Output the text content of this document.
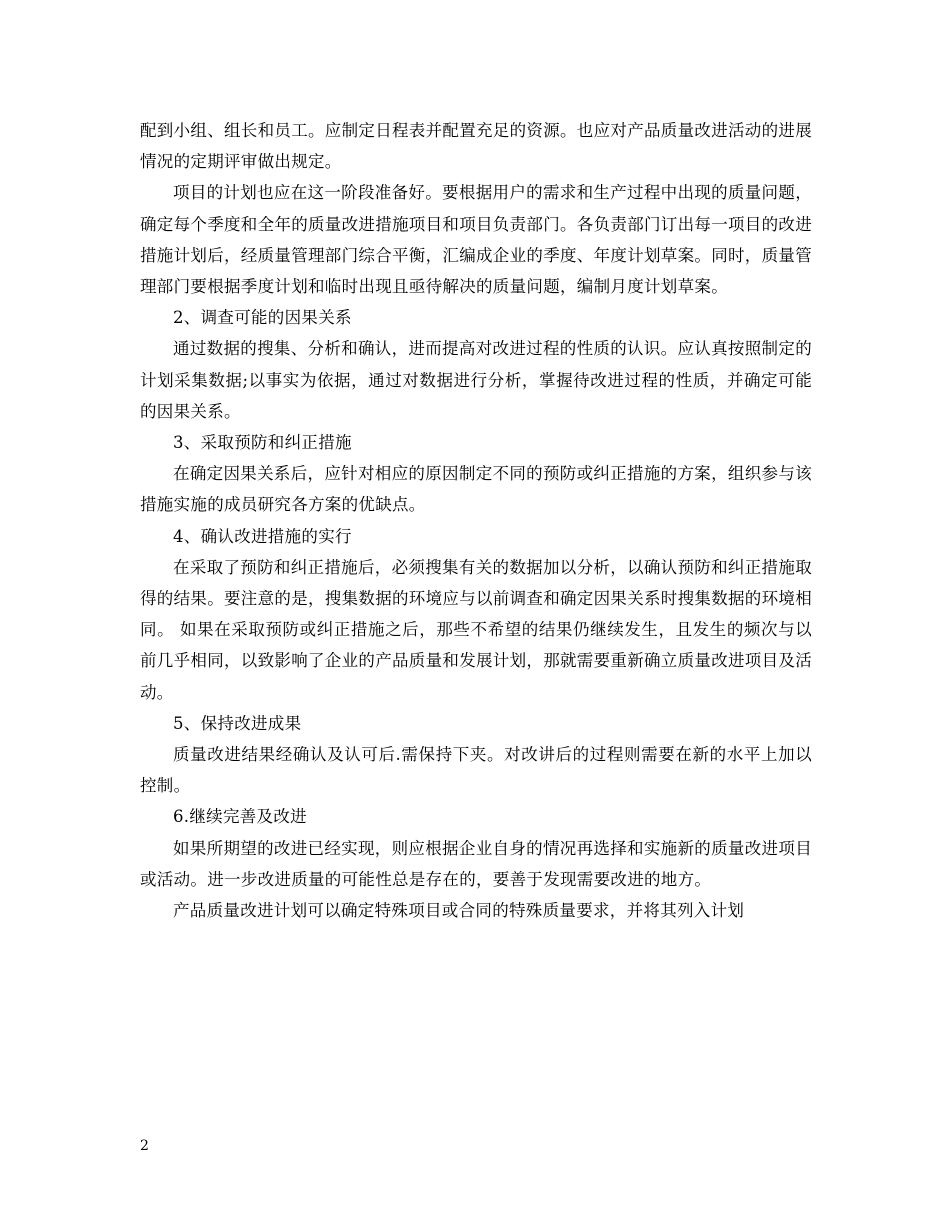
配到小组、组长和员工。应制定日程表并配置充足的资源。也应对产品质量改进活动的进展情况的定期评审做出规定。

项目的计划也应在这一阶段准备好。要根据用户的需求和生产过程中出现的质量问题，确定每个季度和全年的质量改进措施项目和项目负责部门。各负责部门订出每一项目的改进措施计划后，经质量管理部门综合平衡，汇编成企业的季度、年度计划草案。同时，质量管理部门要根据季度计划和临时出现且亟待解决的质量问题，编制月度计划草案。

2、调查可能的因果关系

通过数据的搜集、分析和确认，进而提高对改进过程的性质的认识。应认真按照制定的计划采集数据;以事实为依据，通过对数据进行分析，掌握待改进过程的性质，并确定可能的因果关系。

3、采取预防和纠正措施

在确定因果关系后，应针对相应的原因制定不同的预防或纠正措施的方案，组织参与该措施实施的成员研究各方案的优缺点。

4、确认改进措施的实行

在采取了预防和纠正措施后，必须搜集有关的数据加以分析，以确认预防和纠正措施取得的结果。要注意的是，搜集数据的环境应与以前调查和确定因果关系时搜集数据的环境相同。 如果在采取预防或纠正措施之后，那些不希望的结果仍继续发生，且发生的频次与以前几乎相同，以致影响了企业的产品质量和发展计划，那就需要重新确立质量改进项目及活动。

5、保持改进成果

质量改进结果经确认及认可后.需保持下夹。对改讲后的过程则需要在新的水平上加以控制。

6.继续完善及改进

如果所期望的改进已经实现，则应根据企业自身的情况再选择和实施新的质量改进项目或活动。进一步改进质量的可能性总是存在的，要善于发现需要改进的地方。

产品质量改进计划可以确定特殊项目或合同的特殊质量要求，并将其列入计划

2
